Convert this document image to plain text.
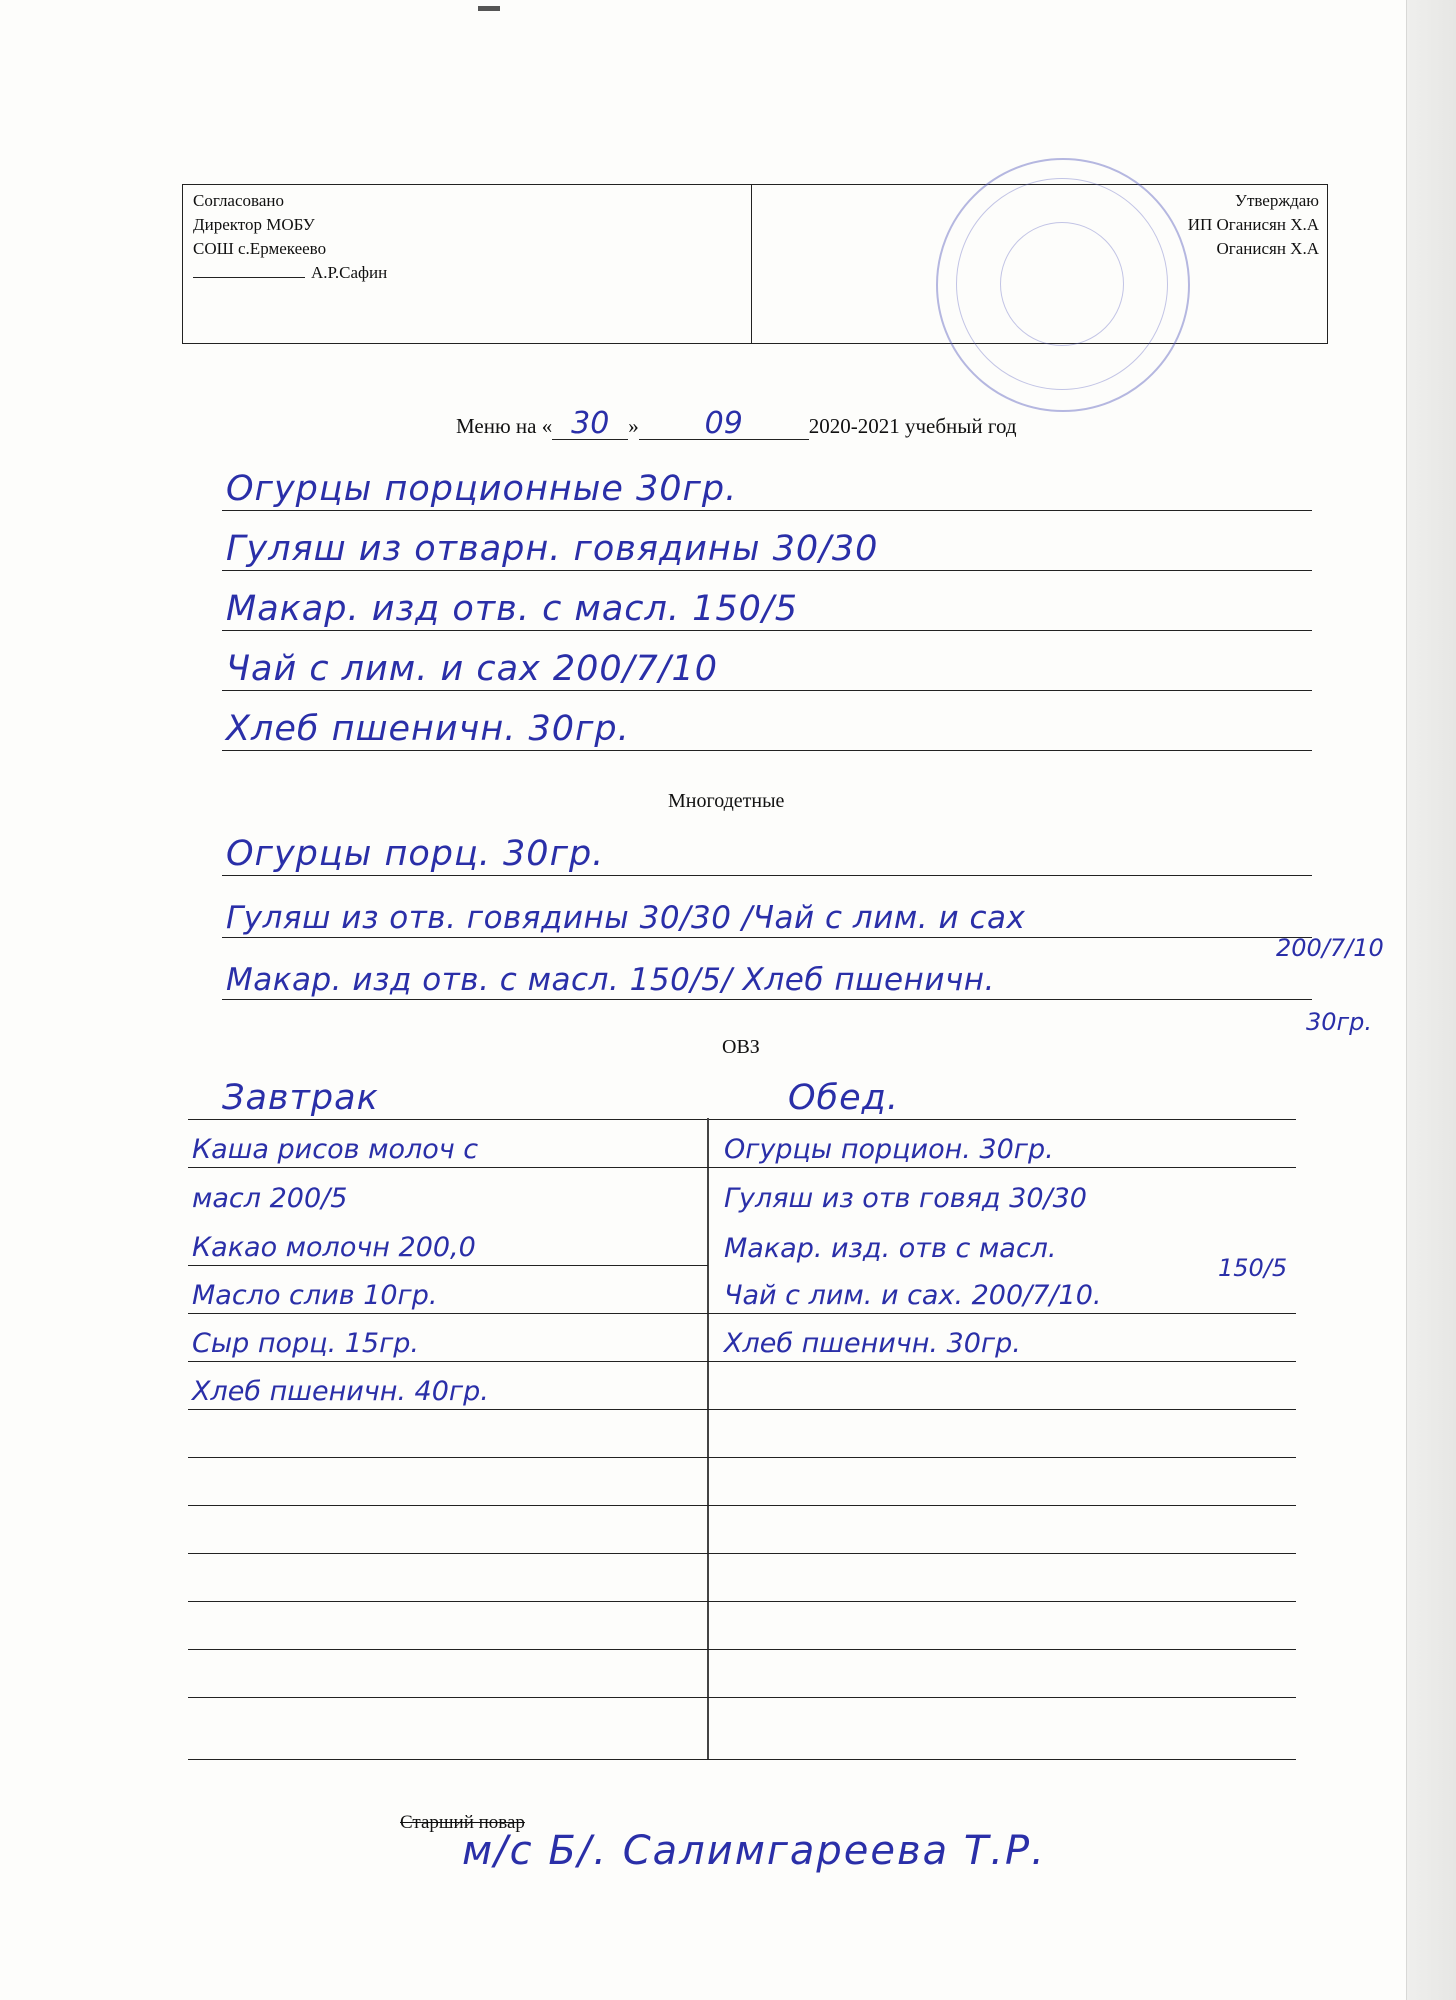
Согласовано
Директор МОБУ
СОШ с.Ермекеево
А.Р.Сафин
Утверждаю
ИП Оганисян Х.А
Оганисян Х.А
Меню на « 30 » 09	2020-2021 учебный год
Огурцы порционные 30гр.
Гуляш из отварн. говядины 30/30
Макар. изд отв. с масл. 150/5
Чай с лим. и сах 200/7/10
Хлеб пшеничн. 30гр.
Многодетные
Огурцы порц. 30гр.
Гуляш из отв. говядины 30/30 /Чай с лим. и сах
200/7/10
Макар. изд отв. с масл. 150/5/ Хлеб пшеничн.
30гр.
ОВЗ
Завтрак	Обед.
Каша рисов молоч с
масл 200/5
Какао молочн 200,0
Масло слив 10гр.
Сыр порц. 15гр.
Хлеб пшеничн. 40гр.
Огурцы порцион. 30гр.
Гуляш из отв говяд 30/30
Макар. изд. отв с масл.
150/5
Чай с лим. и сах. 200/7/10.
Хлеб пшеничн. 30гр.
Старший повар
м/с Б/. Салимгареева Т.Р.
